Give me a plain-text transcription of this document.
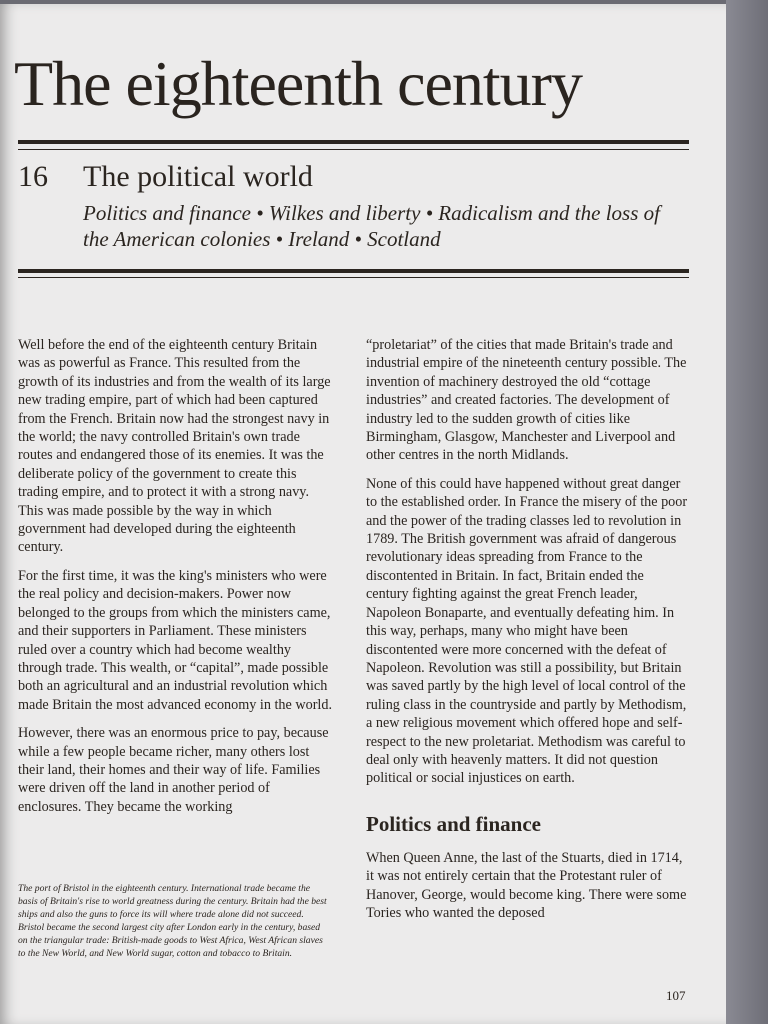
The eighteenth century
16 The political world
Politics and finance • Wilkes and liberty • Radicalism and the loss of the American colonies • Ireland • Scotland

Well before the end of the eighteenth century Britain was as powerful as France. This resulted from the growth of its industries and from the wealth of its large new trading empire, part of which had been captured from the French. Britain now had the strongest navy in the world; the navy controlled Britain's own trade routes and endangered those of its enemies. It was the deliberate policy of the government to create this trading empire, and to protect it with a strong navy. This was made possible by the way in which government had developed during the eighteenth century.

For the first time, it was the king's ministers who were the real policy and decision-makers. Power now belonged to the groups from which the ministers came, and their supporters in Parliament. These ministers ruled over a country which had become wealthy through trade. This wealth, or “capital”, made possible both an agricultural and an industrial revolution which made Britain the most advanced economy in the world.

However, there was an enormous price to pay, because while a few people became richer, many others lost their land, their homes and their way of life. Families were driven off the land in another period of enclosures. They became the working

The port of Bristol in the eighteenth century. International trade became the basis of Britain's rise to world greatness during the century. Britain had the best ships and also the guns to force its will where trade alone did not succeed. Bristol became the second largest city after London early in the century, based on the triangular trade: British-made goods to West Africa, West African slaves to the New World, and New World sugar, cotton and tobacco to Britain.

“proletariat” of the cities that made Britain's trade and industrial empire of the nineteenth century possible. The invention of machinery destroyed the old “cottage industries” and created factories. The development of industry led to the sudden growth of cities like Birmingham, Glasgow, Manchester and Liverpool and other centres in the north Midlands.

None of this could have happened without great danger to the established order. In France the misery of the poor and the power of the trading classes led to revolution in 1789. The British government was afraid of dangerous revolutionary ideas spreading from France to the discontented in Britain. In fact, Britain ended the century fighting against the great French leader, Napoleon Bonaparte, and eventually defeating him. In this way, perhaps, many who might have been discontented were more concerned with the defeat of Napoleon. Revolution was still a possibility, but Britain was saved partly by the high level of local control of the ruling class in the countryside and partly by Methodism, a new religious movement which offered hope and self-respect to the new proletariat. Methodism was careful to deal only with heavenly matters. It did not question political or social injustices on earth.

Politics and finance

When Queen Anne, the last of the Stuarts, died in 1714, it was not entirely certain that the Protestant ruler of Hanover, George, would become king. There were some Tories who wanted the deposed

107
